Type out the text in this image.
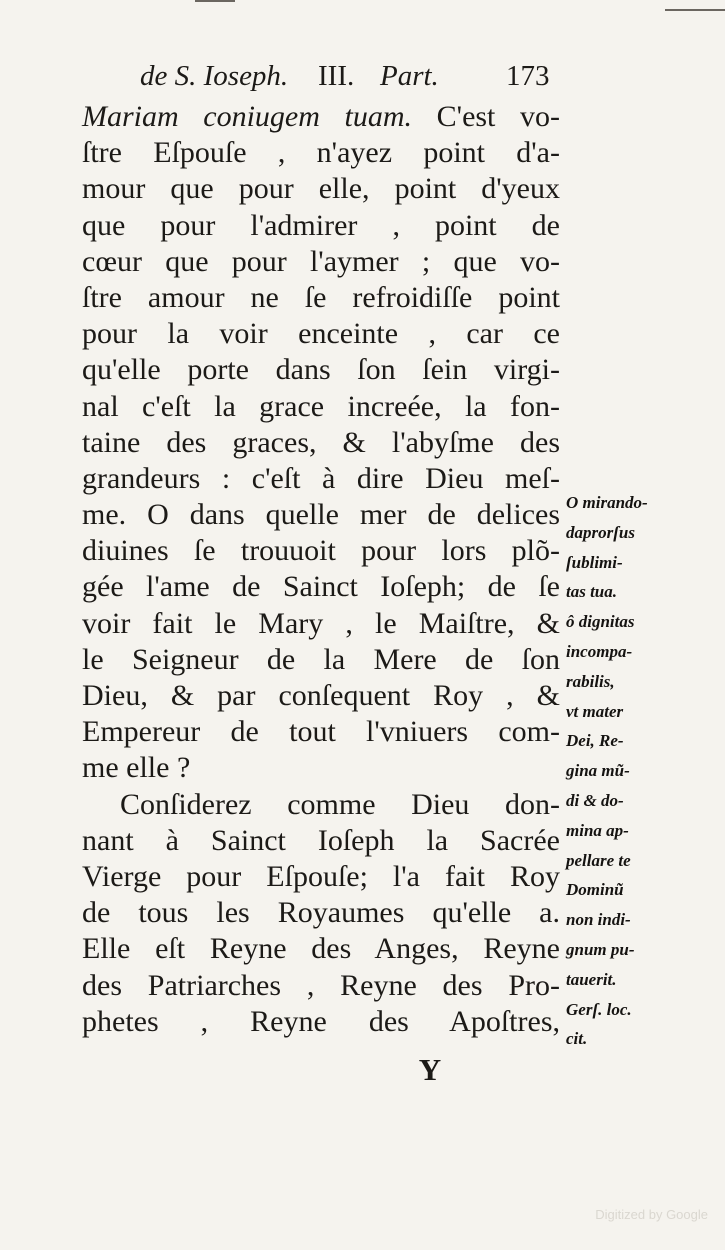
de S. Ioseph. III. Part. 173
Mariam coniugem tuam. C'est vo-
ſtre Eſpouſe , n'ayez point d'a-
mour que pour elle, point d'yeux
que pour l'admirer , point de
cœur que pour l'aymer ; que vo-
ſtre amour ne ſe refroidiſſe point
pour la voir enceinte , car ce
qu'elle porte dans ſon ſein virgi-
nal c'eſt la grace increée, la fon-
taine des graces, & l'abyſme des
grandeurs : c'eſt à dire Dieu meſ-
me. O dans quelle mer de delices
diuines ſe trouuoit pour lors plõ-
gée l'ame de Sainct Ioſeph; de ſe
voir fait le Mary , le Maiſtre, &
le Seigneur de la Mere de ſon
Dieu, & par conſequent Roy , &
Empereur de tout l'vniuers com-
me elle ?
Conſiderez comme Dieu don-
nant à Sainct Ioſeph la Sacrée
Vierge pour Eſpouſe; l'a fait Roy
de tous les Royaumes qu'elle a.
Elle eſt Reyne des Anges, Reyne
des Patriarches , Reyne des Pro-
phetes , Reyne des Apoſtres,
O mirando-
daprorſus
ſublimi-
tas tua.
ô dignitas
incompa-
rabilis,
vt mater
Dei, Re-
gina mũ-
di & do-
mina ap-
pellare te
Dominũ
non indi-
gnum pu-
tauerit.
Gerſ. loc.
cit.
Y
Digitized by Google
